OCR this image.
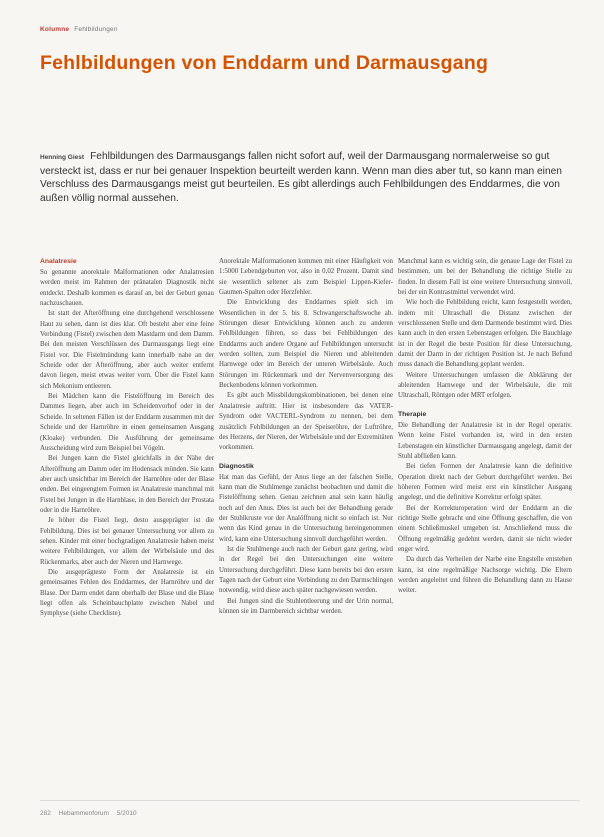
Kolumne Fehlbildungen
Fehlbildungen von Enddarm und Darmausgang
Henning Giest Fehlbildungen des Darmausgangs fallen nicht sofort auf, weil der Darmausgang normalerweise so gut versteckt ist, dass er nur bei genauer Inspektion beurteilt werden kann. Wenn man dies aber tut, so kann man einen Verschluss des Darmausgangs meist gut beurteilen. Es gibt allerdings auch Fehlbildungen des Enddarmes, die von außen völlig normal aussehen.
Analatresie

So genannte anorektale Malformationen oder Analatresien werden meist im Rahmen der pränatalen Diagnostik nicht entdeckt. Deshalb kommen es darauf an, bei der Geburt genau nachzuschauen.

Ist statt der Afteröffnung eine durchgehend verschlossene Haut zu sehen, dann ist dies klar. Oft besteht aber eine feine Verbindung (Fistel) zwischen dem Mastdarm und dem Damm. Bei den meisten Verschlüssen des Darmausgangs liegt eine Fistel vor. Die Fistelmündung kann innerhalb nahe an der Scheide oder der Afteröffnung, aber auch weiter entfernt davon liegen, meist etwas weiter vorn. Über die Fistel kann sich Mekonium entleeren.

Bei Mädchen kann die Fistelöffnung im Bereich des Dammes liegen, aber auch im Scheidenvorhof oder in der Scheide. In seltenen Fällen ist der Enddarm zusammen mit der Scheide und der Harnröhre in einen gemeinsamen Ausgang (Kloake) verbunden. Die Ausführung der gemeinsame Ausscheidung wird zum Beispiel bei Vögeln.

Bei Jungen kann die Fistel gleichfalls in der Nähe der Afteröffnung am Damm oder im Hodensack münden. Sie kann aber auch unsichtbar im Bereich der Harnröhre oder der Blase enden. Bei eingeengtem Formen ist Analatresie manchmal mit Fistel bei Jungen in die Harnblase, in den Bereich der Prostata oder in die Harnröhre.

Je höher die Fistel liegt, desto ausgeprägter ist die Fehlbildung. Dies ist bei genauer Untersuchung vor allem zu sehen. Kinder mit einer hochgradigen Analatresie haben meist weitere Fehlbildungen, vor allem der Wirbelsäule und des Rückenmarks, aber auch der Nieren und Harnwege.

Die ausgeprägteste Form der Analatresie ist ein gemeinsames Fehlen des Enddarmes, der Harnröhre und der Blase. Der Darm endet dann oberhalb der Blase und die Blase liegt offen als Scheinbauchplatte zwischen Nabel und Symphyse (siehe Checkliste).

Anorektale Malformationen kommen mit einer Häufigkeit von 1:5000 Lebendgeburten vor, also in 0,02 Prozent. Damit sind sie wesentlich seltener als zum Beispiel Lippen-Kiefer-Gaumen-Spalten oder Herzfehler.

Die Entwicklung des Enddarmes spielt sich im Wesentlichen in der 5. bis 8. Schwangerschaftswoche ab. Störungen dieser Entwicklung können auch zu anderen Fehlbildungen führen, so dass bei Fehlbildungen des Enddarms auch andere Organe auf Fehlbildungen untersucht werden sollten, zum Beispiel die Nieren und ableitenden Harnwege oder im Bereich der unteren Wirbelsäule. Auch Störungen im Rückenmark und der Nervenversorgung des Beckenbodens können vorkommen.

Es gibt auch Missbildungskombinationen, bei denen eine Analatresie auftritt. Hier ist insbesondere das VATER-Syndrom oder VACTERL-Syndrom zu nennen, bei dem zusätzlich Fehlbildungen an der Speiseröhre, der Luftröhre, des Herzens, der Nieren, der Wirbelsäule und der Extremitäten vorkommen.

Diagnostik

Hat man das Gefühl, der Anus liege an der falschen Stelle, kann man die Stuhlmenge zunächst beobachten und damit die Fistelöffnung sehen. Genau zeichnen anal sein kann häufig noch auf den Anus. Dies ist auch bei der Behandlung gerade der Stuhlkruste vor der Analöffnung nicht so einfach ist. Nur wenn das Kind genau in die Untersuchung hereingenommen wird, kann eine Untersuchung sinnvoll durchgeführt werden.

Ist die Stuhlmenge auch nach der Geburt ganz gering, wird in der Regel bei den Untersuchungen eine weitere Untersuchung durchgeführt. Diese kann bereits bei den ersten Tagen nach der Geburt eine Verbindung zu den Darmschlingen notwendig, wird diese auch später nachgewiesen werden.

Bei Jungen sind die Stuhlentleerung und der Urin normal, können sie im Darmbereich sichtbar werden.

Manchmal kann es wichtig sein, die genaue Lage der Fistel zu bestimmen, um bei der Behandlung die richtige Stelle zu finden. In diesem Fall ist eine weitere Untersuchung sinnvoll, bei der ein Kontrastmittel verwendet wird.

Wie hoch die Fehlbildung reicht, kann festgestellt werden, indem mit Ultraschall die Distanz zwischen der verschlossenen Stelle und dem Darmende bestimmt wird. Dies kann auch in den ersten Lebenstagen erfolgen. Die Bauchlage ist in der Regel die beste Position für diese Untersuchung, damit der Darm in der richtigen Position ist. Je nach Befund muss danach die Behandlung geplant werden.

Weitere Untersuchungen umfassen die Abklärung der ableitenden Harnwege und der Wirbelsäule, die mit Ultraschall, Röntgen oder MRT erfolgen.

Therapie

Die Behandlung der Analatresie ist in der Regel operativ. Wenn keine Fistel vorhanden ist, wird in den ersten Lebenstagen ein künstlicher Darmausgang angelegt, damit der Stuhl abfließen kann.

Bei tiefen Formen der Analatresie kann die definitive Operation direkt nach der Geburt durchgeführt werden. Bei höheren Formen wird meist erst ein künstlicher Ausgang angelegt, und die definitive Korrektur erfolgt später.

Bei der Korrekturoperation wird der Enddarm an die richtige Stelle gebracht und eine Öffnung geschaffen, die von einem Schließmuskel umgeben ist. Anschließend muss die Öffnung regelmäßig gedehnt werden, damit sie nicht wieder enger wird.

Da durch das Verheilen der Narbe eine Engstelle entstehen kann, ist eine regelmäßige Nachsorge wichtig. Die Eltern werden angeleitet und führen die Behandlung dann zu Hause weiter.

282 Hebammenforum 5/2010
